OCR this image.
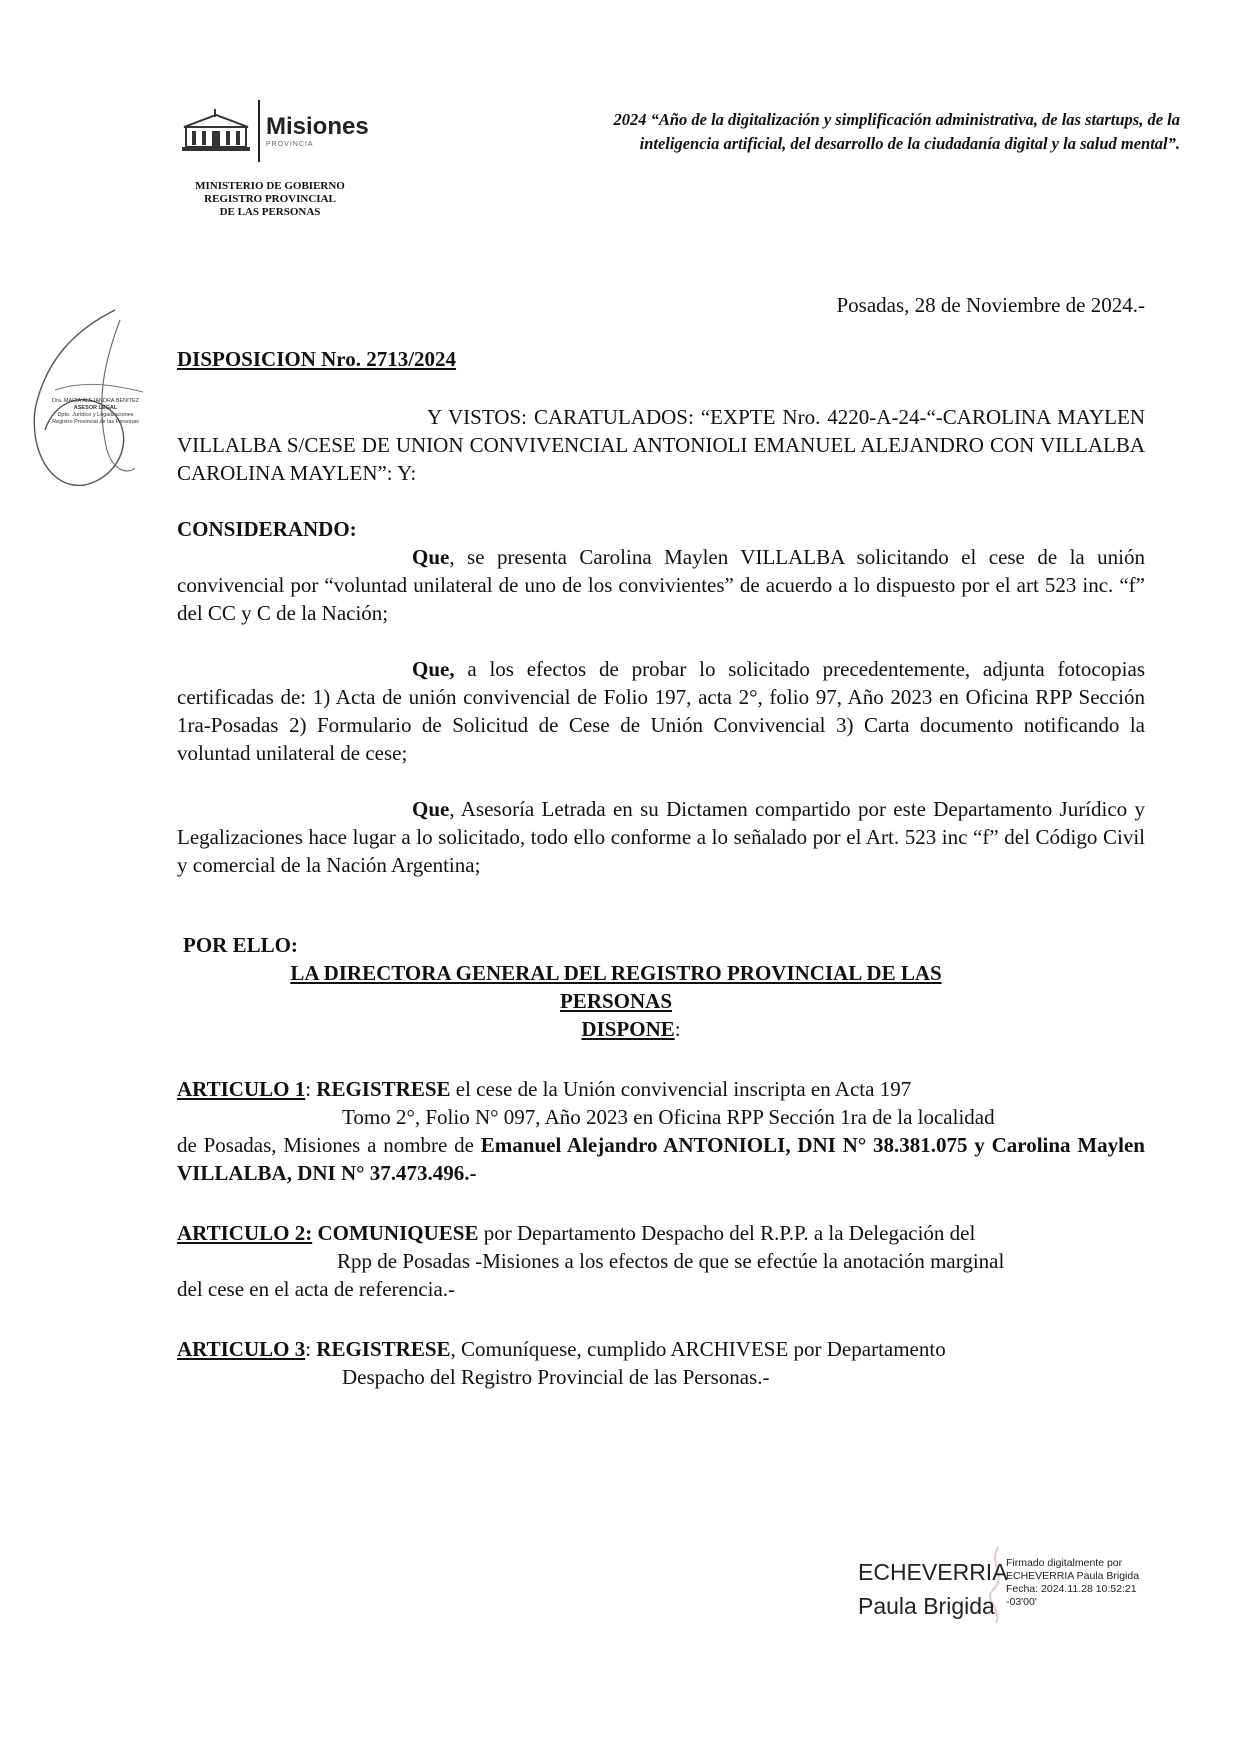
Misiones
PROVINCIA
MINISTERIO DE GOBIERNO
REGISTRO PROVINCIAL
DE LAS PERSONAS
2024 “Año de la digitalización y simplificación administrativa, de las startups, de la
inteligencia artificial, del desarrollo de la ciudadanía digital y la salud mental”.
Dra. MARIA ALEJANDRA BENITEZ
ASESOR LEGAL
Dpto. Jurídico y Legalizaciones
Registro Provincial de las Personas
Posadas, 28 de Noviembre de 2024.-
DISPOSICION Nro. 2713/2024
Y VISTOS: CARATULADOS: “EXPTE Nro. 4220-A-24-“-CAROLINA MAYLEN VILLALBA S/CESE DE UNION CONVIVENCIAL ANTONIOLI EMANUEL ALEJANDRO CON VILLALBA CAROLINA MAYLEN”: Y:
CONSIDERANDO:
Que, se presenta Carolina Maylen VILLALBA solicitando el cese de la unión convivencial por “voluntad unilateral de uno de los convivientes” de acuerdo a lo dispuesto por el art 523 inc. “f” del CC y C de la Nación;
Que, a los efectos de probar lo solicitado precedentemente, adjunta fotocopias certificadas de: 1) Acta de unión convivencial de Folio 197, acta 2°, folio 97, Año 2023 en Oficina RPP Sección 1ra-Posadas 2) Formulario de Solicitud de Cese de Unión Convivencial 3) Carta documento notificando la voluntad unilateral de cese;
Que, Asesoría Letrada en su Dictamen compartido por este Departamento Jurídico y Legalizaciones hace lugar a lo solicitado, todo ello conforme a lo señalado por el Art. 523 inc “f” del Código Civil y comercial de la Nación Argentina;
POR ELLO:
LA DIRECTORA GENERAL DEL REGISTRO PROVINCIAL DE LAS PERSONAS
DISPONE:
ARTICULO 1: REGISTRESE el cese de la Unión convivencial inscripta en Acta 197
Tomo 2°, Folio N° 097, Año 2023 en Oficina RPP Sección 1ra de la localidad
de Posadas, Misiones a nombre de Emanuel Alejandro ANTONIOLI, DNI N° 38.381.075 y Carolina Maylen VILLALBA, DNI N° 37.473.496.-
ARTICULO 2: COMUNIQUESE por Departamento Despacho del R.P.P. a la Delegación del
Rpp de Posadas -Misiones a los efectos de que se efectúe la anotación marginal
del cese en el acta de referencia.-
ARTICULO 3: REGISTRESE, Comuníquese, cumplido ARCHIVESE por Departamento
Despacho del Registro Provincial de las Personas.-
ECHEVERRIA
Paula Brigida
Firmado digitalmente por
ECHEVERRIA Paula Brigida
Fecha: 2024.11.28 10:52:21
-03'00'
